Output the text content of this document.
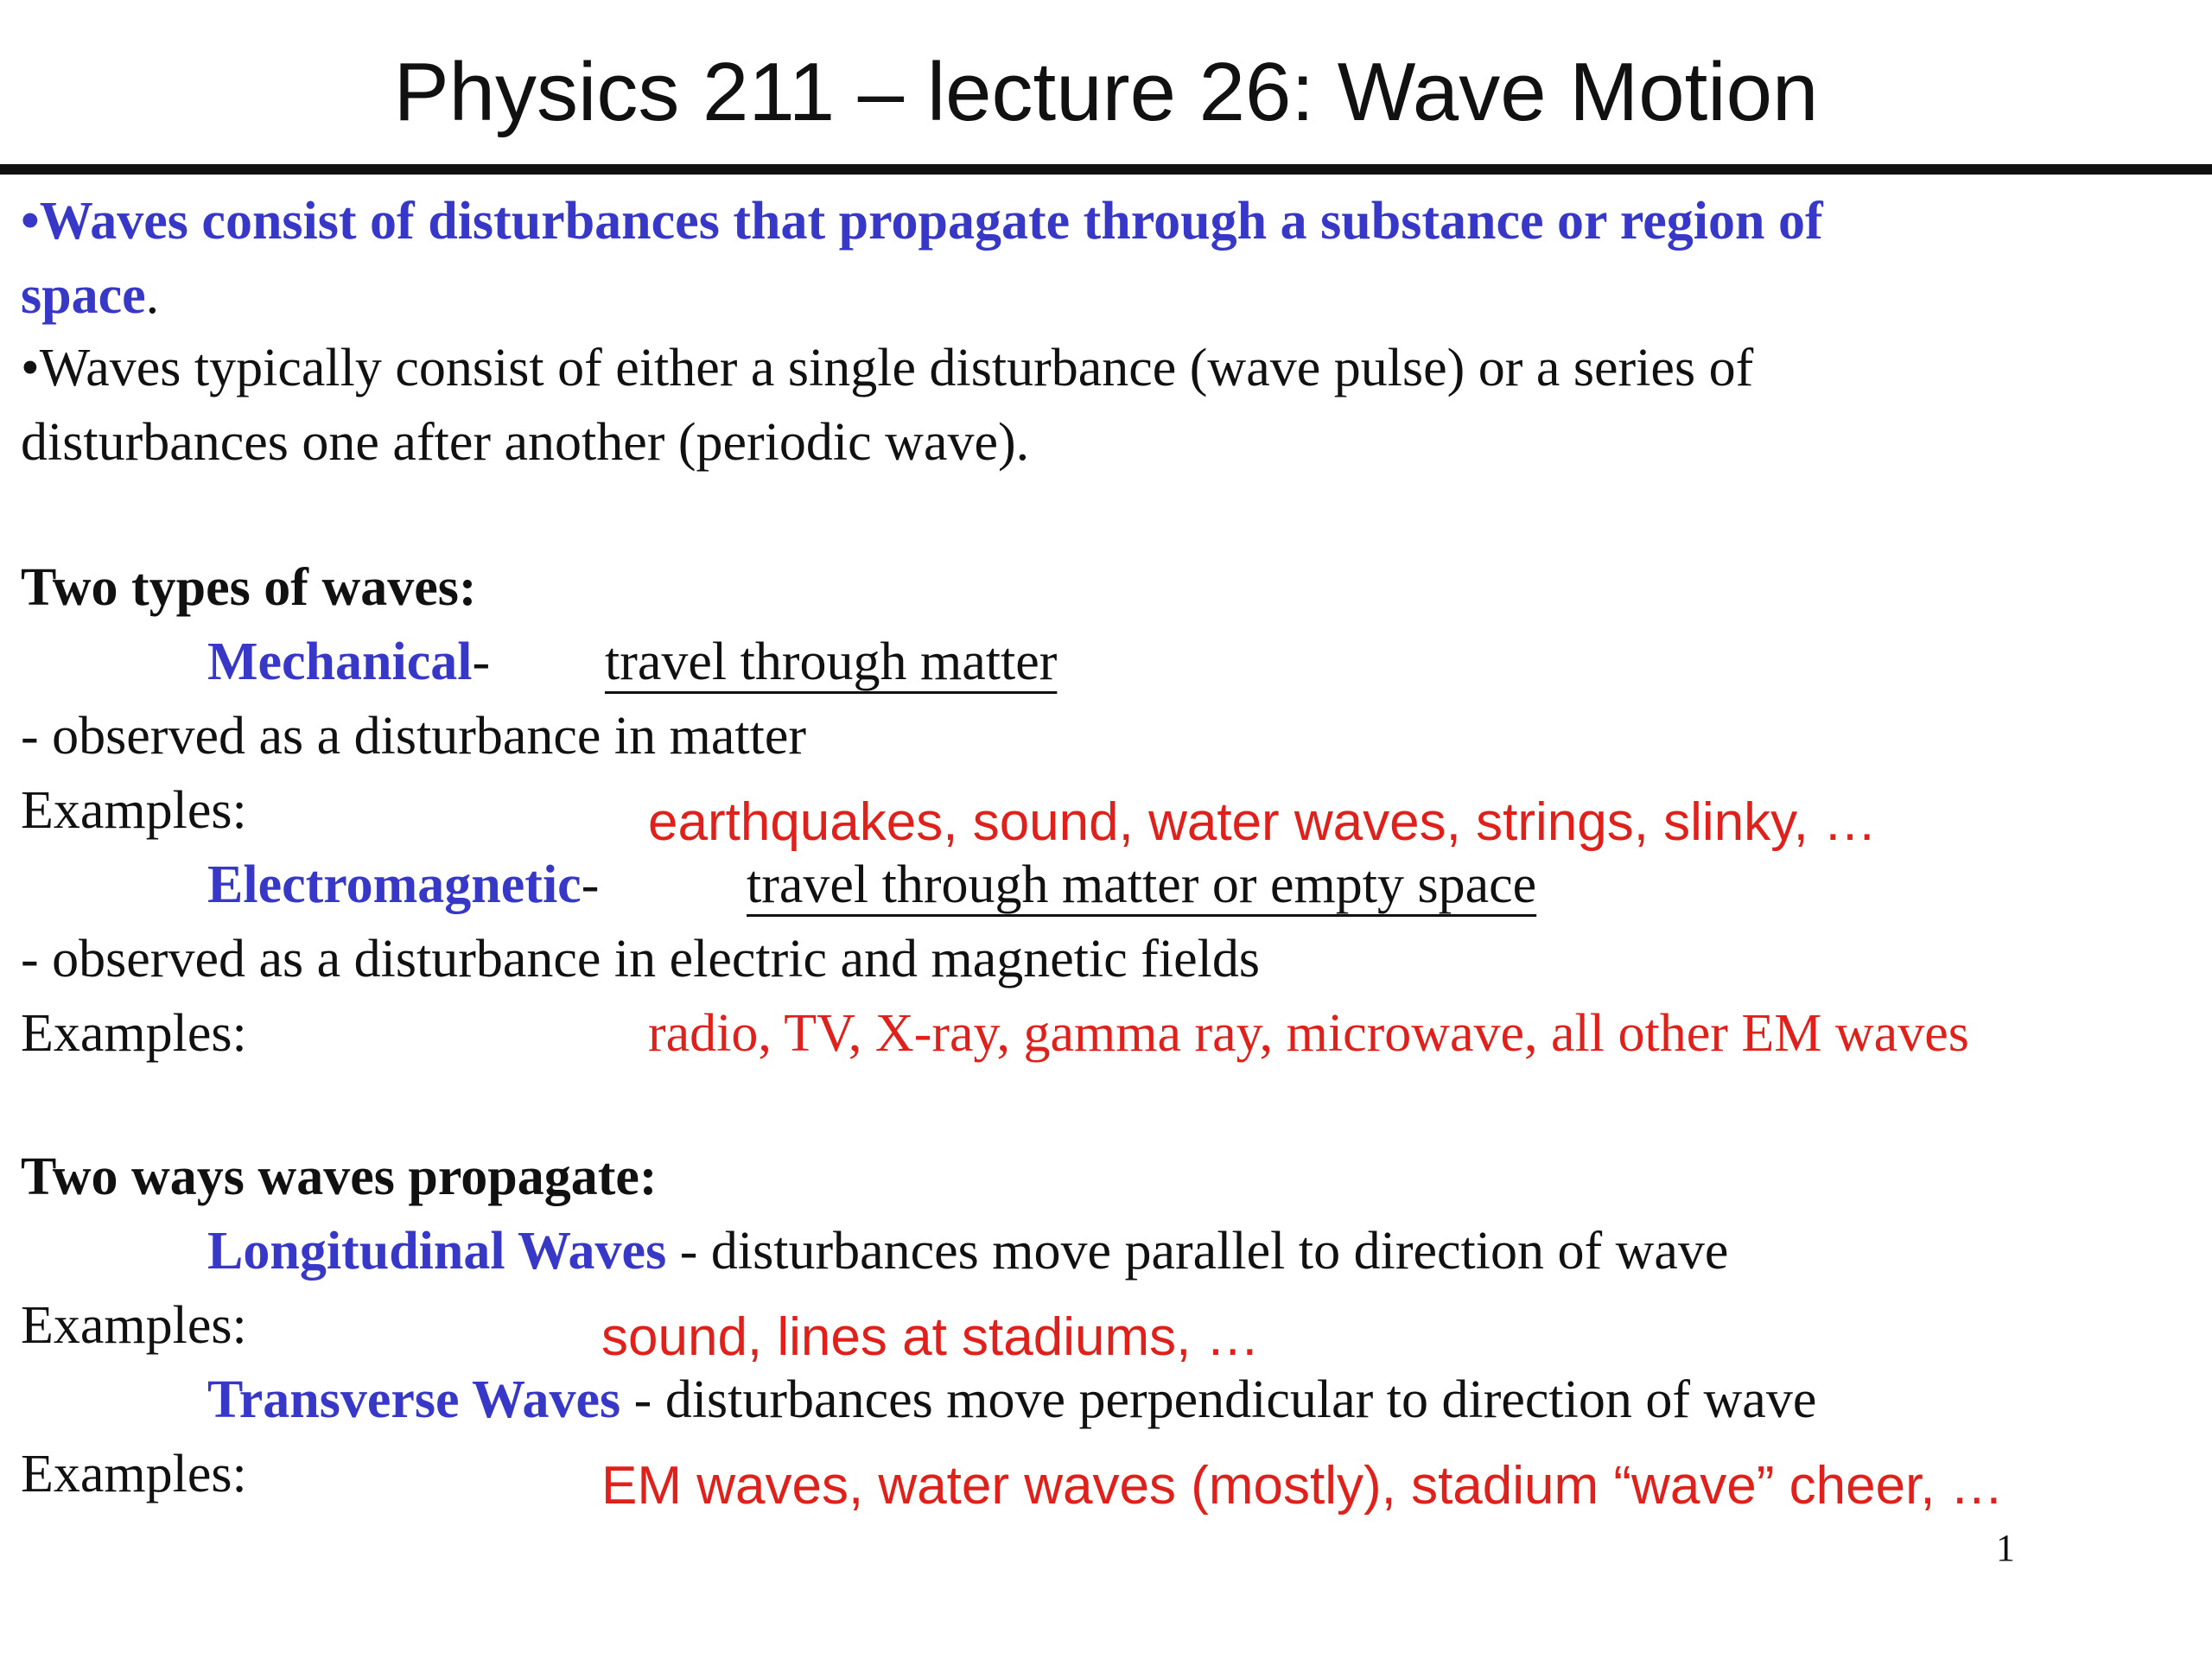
Physics 211 – lecture 26: Wave Motion
•Waves consist of disturbances that propagate through a substance or region of
space.
•Waves typically consist of either a single disturbance (wave pulse) or a series of
disturbances one after another (periodic wave).
Two types of waves:
Mechanical- travel through matter
- observed as a disturbance in matter
Examples:	earthquakes, sound, water waves, strings, slinky, …
Electromagnetic-	travel through matter or empty space
- observed as a disturbance in electric and magnetic fields
Examples:	radio, TV, X-ray, gamma ray, microwave, all other EM waves
Two ways waves propagate:
Longitudinal Waves - disturbances move parallel to direction of wave
Examples:	sound, lines at stadiums, …
Transverse Waves - disturbances move perpendicular to direction of wave
Examples:	EM waves, water waves (mostly), stadium “wave” cheer, …
1
